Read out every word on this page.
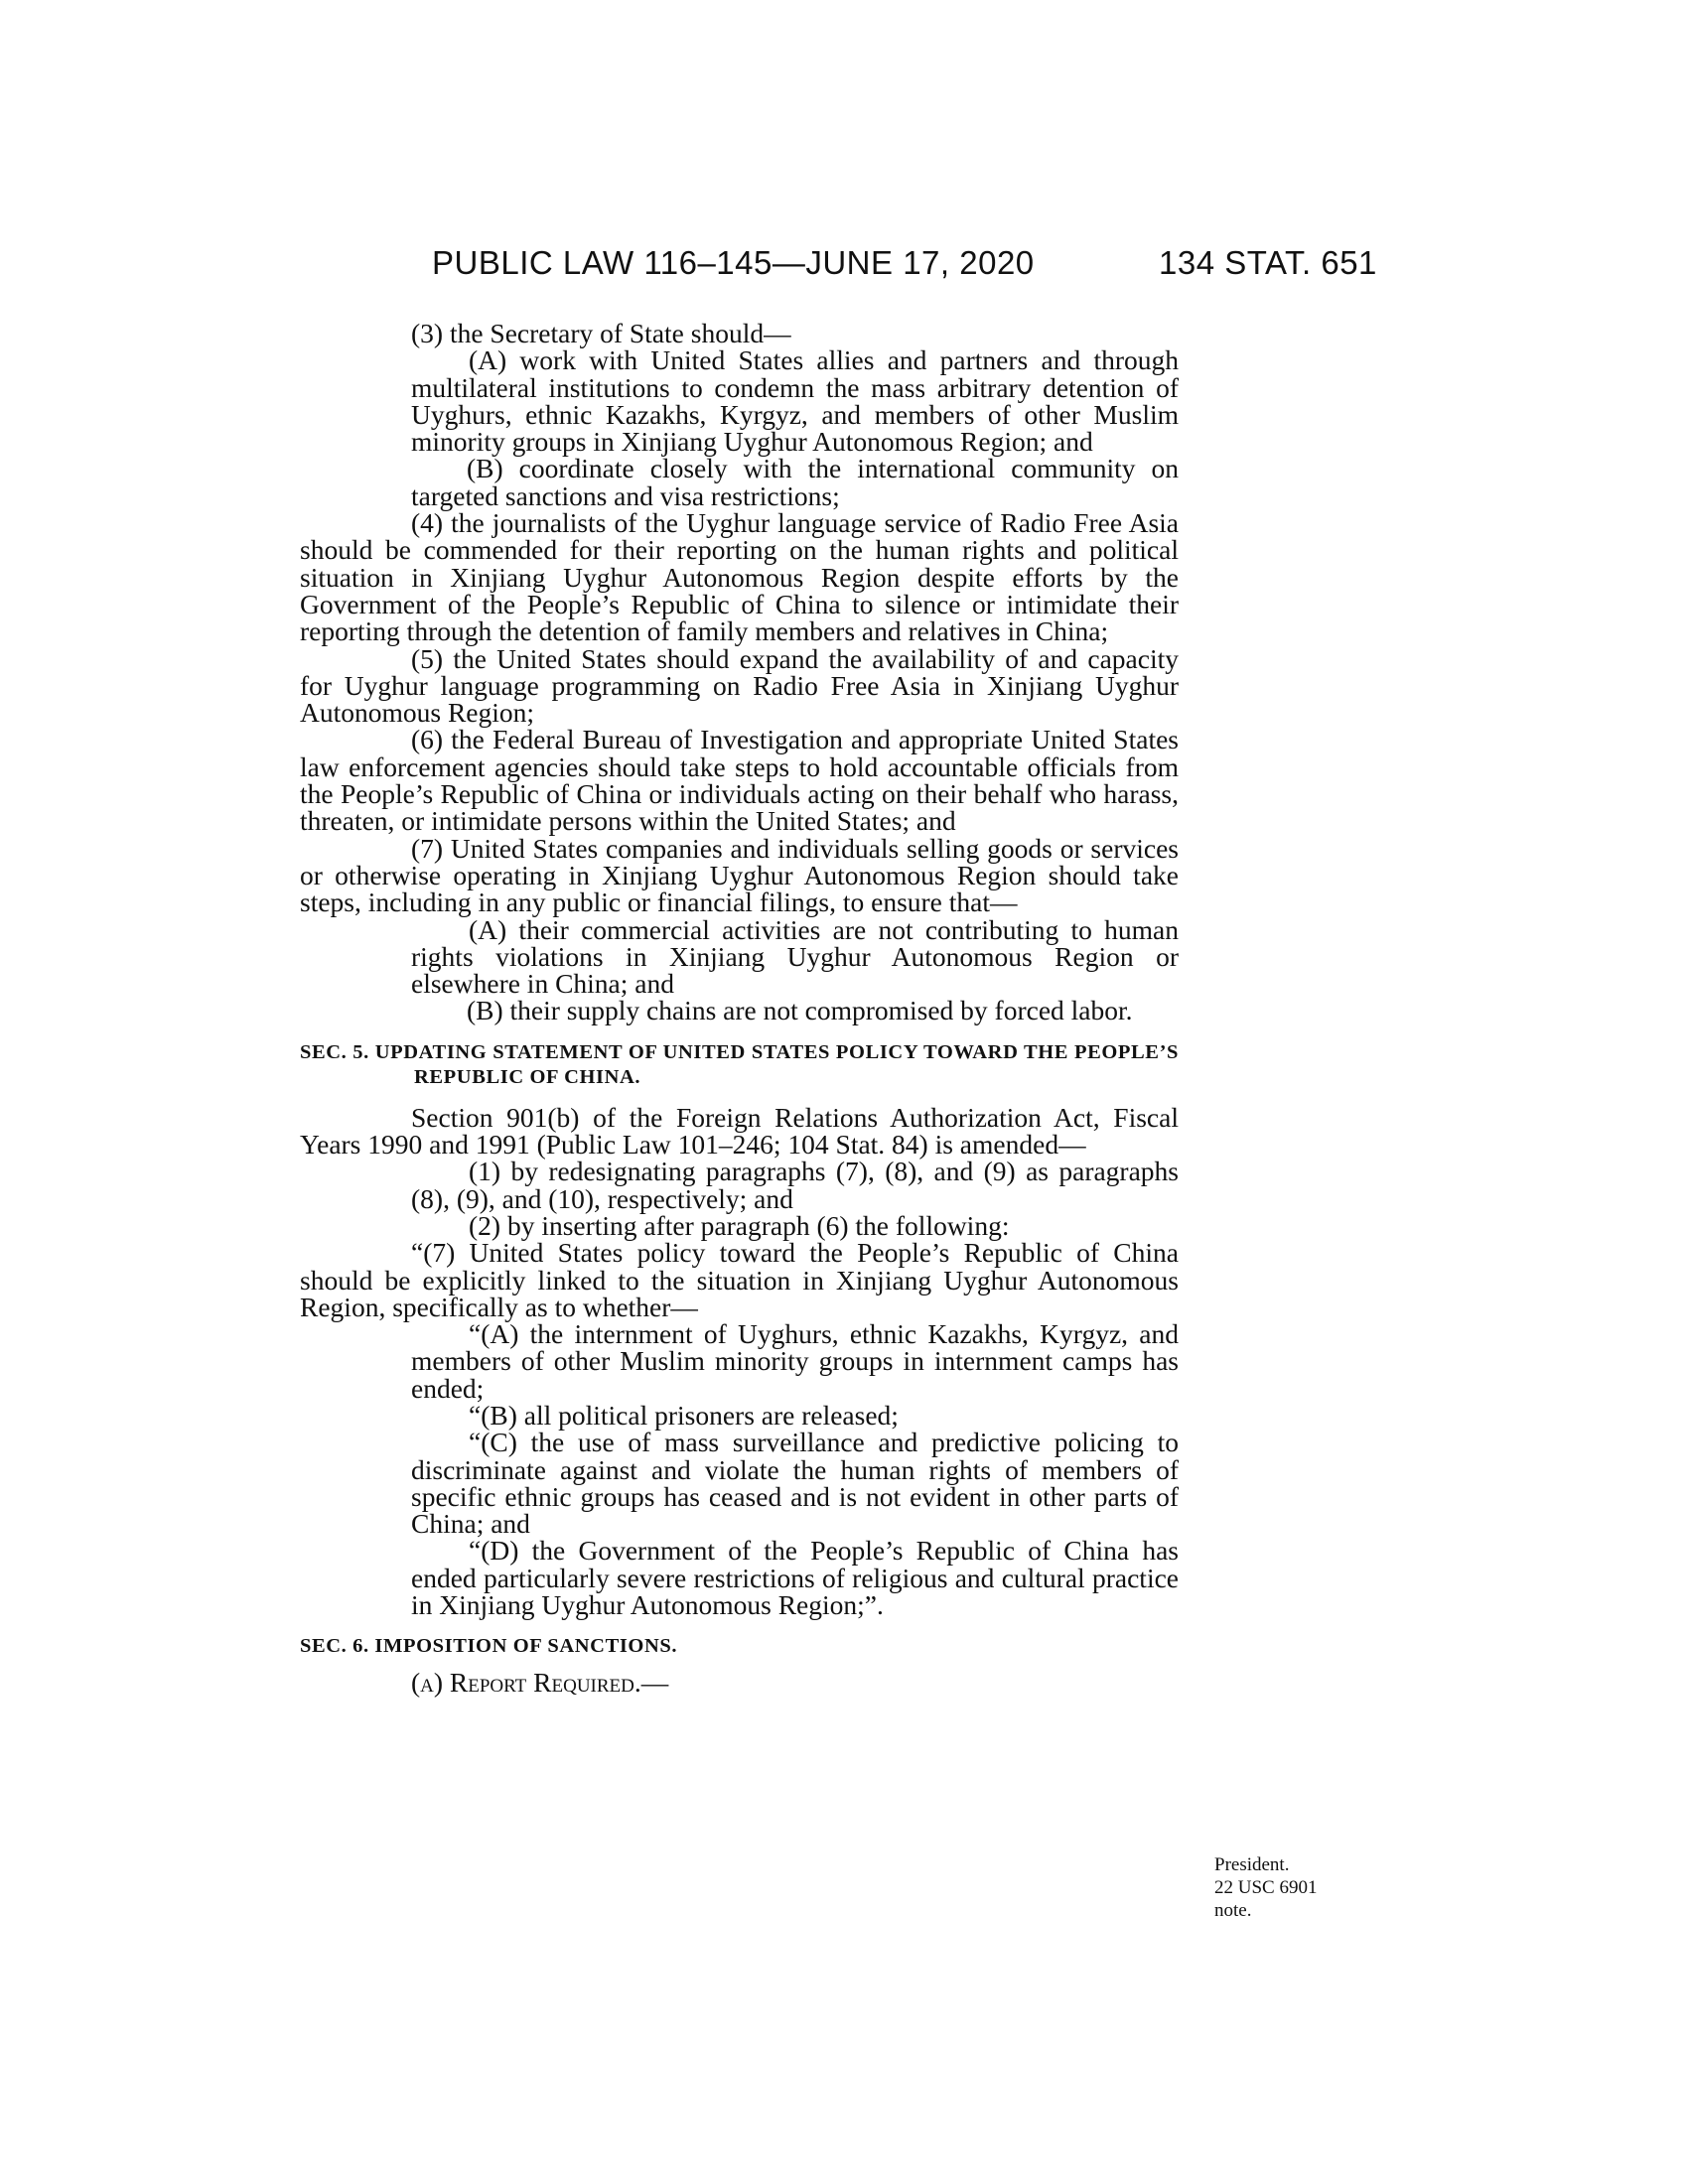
PUBLIC LAW 116–145—JUNE 17, 2020	134 STAT. 651

(3) the Secretary of State should—

(A) work with United States allies and partners and through multilateral institutions to condemn the mass arbitrary detention of Uyghurs, ethnic Kazakhs, Kyrgyz, and members of other Muslim minority groups in Xinjiang Uyghur Autonomous Region; and

(B) coordinate closely with the international community on targeted sanctions and visa restrictions;

(4) the journalists of the Uyghur language service of Radio Free Asia should be commended for their reporting on the human rights and political situation in Xinjiang Uyghur Autonomous Region despite efforts by the Government of the People’s Republic of China to silence or intimidate their reporting through the detention of family members and relatives in China;

(5) the United States should expand the availability of and capacity for Uyghur language programming on Radio Free Asia in Xinjiang Uyghur Autonomous Region;

(6) the Federal Bureau of Investigation and appropriate United States law enforcement agencies should take steps to hold accountable officials from the People’s Republic of China or individuals acting on their behalf who harass, threaten, or intimidate persons within the United States; and

(7) United States companies and individuals selling goods or services or otherwise operating in Xinjiang Uyghur Autonomous Region should take steps, including in any public or financial filings, to ensure that—

(A) their commercial activities are not contributing to human rights violations in Xinjiang Uyghur Autonomous Region or elsewhere in China; and

(B) their supply chains are not compromised by forced labor.

SEC. 5. UPDATING STATEMENT OF UNITED STATES POLICY TOWARD THE PEOPLE’S REPUBLIC OF CHINA.

Section 901(b) of the Foreign Relations Authorization Act, Fiscal Years 1990 and 1991 (Public Law 101–246; 104 Stat. 84) is amended—

(1) by redesignating paragraphs (7), (8), and (9) as paragraphs (8), (9), and (10), respectively; and

(2) by inserting after paragraph (6) the following:

“(7) United States policy toward the People’s Republic of China should be explicitly linked to the situation in Xinjiang Uyghur Autonomous Region, specifically as to whether—

“(A) the internment of Uyghurs, ethnic Kazakhs, Kyrgyz, and members of other Muslim minority groups in internment camps has ended;

“(B) all political prisoners are released;

“(C) the use of mass surveillance and predictive policing to discriminate against and violate the human rights of members of specific ethnic groups has ceased and is not evident in other parts of China; and

“(D) the Government of the People’s Republic of China has ended particularly severe restrictions of religious and cultural practice in Xinjiang Uyghur Autonomous Region;”.

SEC. 6. IMPOSITION OF SANCTIONS.

(a) Report Required.—

President.
22 USC 6901
note.
